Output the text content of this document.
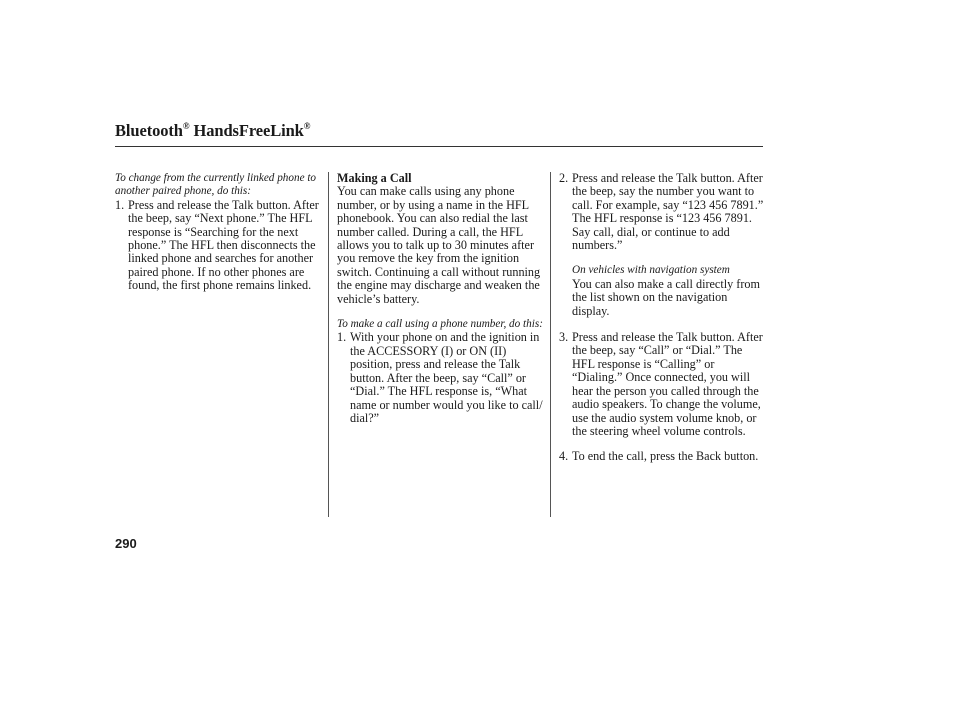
Bluetooth® HandsFreeLink®

To change from the currently linked phone to another paired phone, do this:

1. Press and release the Talk button. After the beep, say “Next phone.” The HFL response is “Searching for the next phone.” The HFL then disconnects the linked phone and searches for another paired phone. If no other phones are found, the first phone remains linked.

Making a Call

You can make calls using any phone number, or by using a name in the HFL phonebook. You can also redial the last number called. During a call, the HFL allows you to talk up to 30 minutes after you remove the key from the ignition switch. Continuing a call without running the engine may discharge and weaken the vehicle’s battery.

To make a call using a phone number, do this:

1. With your phone on and the ignition in the ACCESSORY (I) or ON (II) position, press and release the Talk button. After the beep, say “Call” or “Dial.” The HFL response is, “What name or number would you like to call/ dial?”

2. Press and release the Talk button. After the beep, say the number you want to call. For example, say “123 456 7891.” The HFL response is “123 456 7891. Say call, dial, or continue to add numbers.”

On vehicles with navigation system

You can also make a call directly from the list shown on the navigation display.

3. Press and release the Talk button. After the beep, say “Call” or “Dial.” The HFL response is “Calling” or “Dialing.” Once connected, you will hear the person you called through the audio speakers. To change the volume, use the audio system volume knob, or the steering wheel volume controls.

4. To end the call, press the Back button.

290
